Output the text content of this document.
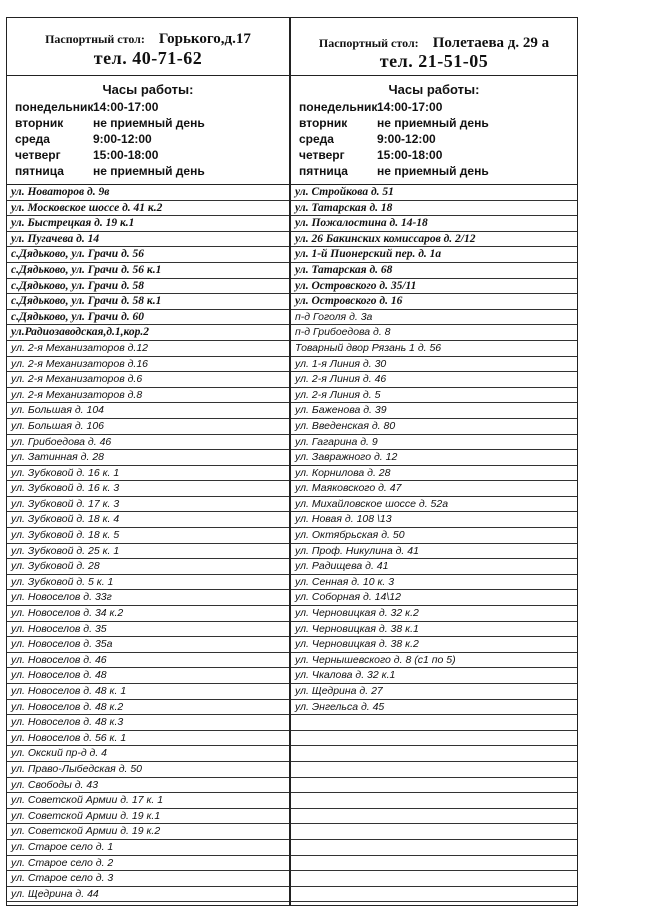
Паспортный стол: Горького,д.17
тел. 40-71-62
Часы работы:
понедельник 14:00-17:00
вторник не приемный день
среда	9:00-12:00
четверг	15:00-18:00
пятница не приемный день
ул. Новаторов д. 9в
ул. Московское шоссе д. 41 к.2
ул. Быстрецкая д. 19 к.1
ул. Пугачева д. 14
с.Дядьково, ул. Грачи д. 56
с.Дядьково, ул. Грачи д. 56 к.1
с.Дядьково, ул. Грачи д. 58
с.Дядьково, ул. Грачи д. 58 к.1
с.Дядьково, ул. Грачи д. 60
ул.Радиозаводская,д.1,кор.2
ул. 2-я Механизаторов д.12
ул. 2-я Механизаторов д.16
ул. 2-я Механизаторов д.6
ул. 2-я Механизаторов д.8
ул. Большая д. 104
ул. Большая д. 106
ул. Грибоедова д. 46
ул. Затинная д. 28
ул. Зубковой д. 16 к. 1
ул. Зубковой д. 16 к. 3
ул. Зубковой д. 17 к. 3
ул. Зубковой д. 18 к. 4
ул. Зубковой д. 18 к. 5
ул. Зубковой д. 25 к. 1
ул. Зубковой д. 28
ул. Зубковой д. 5 к. 1
ул. Новоселов д. 33г
ул. Новоселов д. 34 к.2
ул. Новоселов д. 35
ул. Новоселов д. 35а
ул. Новоселов д. 46
ул. Новоселов д. 48
ул. Новоселов д. 48 к. 1
ул. Новоселов д. 48 к.2
ул. Новоселов д. 48 к.3
ул. Новоселов д. 56 к. 1
ул. Окский пр-д д. 4
ул. Право-Лыбедская д. 50
ул. Свободы д. 43
ул. Советской Армии д. 17 к. 1
ул. Советской Армии д. 19 к.1
ул. Советской Армии д. 19 к.2
ул. Старое село д. 1
ул. Старое село д. 2
ул. Старое село д. 3
ул. Щедрина д. 44
Паспортный стол: Полетаева д. 29 а
тел. 21-51-05
Часы работы:
понедельник 14:00-17:00
вторник не приемный день
среда	9:00-12:00
четверг	15:00-18:00
пятница не приемный день
ул. Стройкова д. 51
ул. Татарская д. 18
ул. Пожалостина д. 14-18
ул. 26 Бакинских комиссаров д. 2/12
ул. 1-й Пионерский пер. д. 1а
ул. Татарская д. 68
ул. Островского д. 35/11
ул. Островского д. 16
п-д Гоголя д. 3а
п-д Грибоедова д. 8
Товарный двор Рязань 1 д. 56
ул. 1-я Линия д. 30
ул. 2-я Линия д. 46
ул. 2-я Линия д. 5
ул. Баженова д. 39
ул. Введенская д. 80
ул. Гагарина д. 9
ул. Завражного д. 12
ул. Корнилова д. 28
ул. Маяковского д. 47
ул. Михайловское шоссе д. 52а
ул. Новая д. 108 \13
ул. Октябрьская д. 50
ул. Проф. Никулина д. 41
ул. Радищева д. 41
ул. Сенная д. 10 к. 3
ул. Соборная д. 14\12
ул. Черновицкая д. 32 к.2
ул. Черновицкая д. 38 к.1
ул. Черновицкая д. 38 к.2
ул. Чернышевского д. 8 (с1 по 5)
ул. Чкалова д. 32 к.1
ул. Щедрина д. 27
ул. Энгельса д. 45
